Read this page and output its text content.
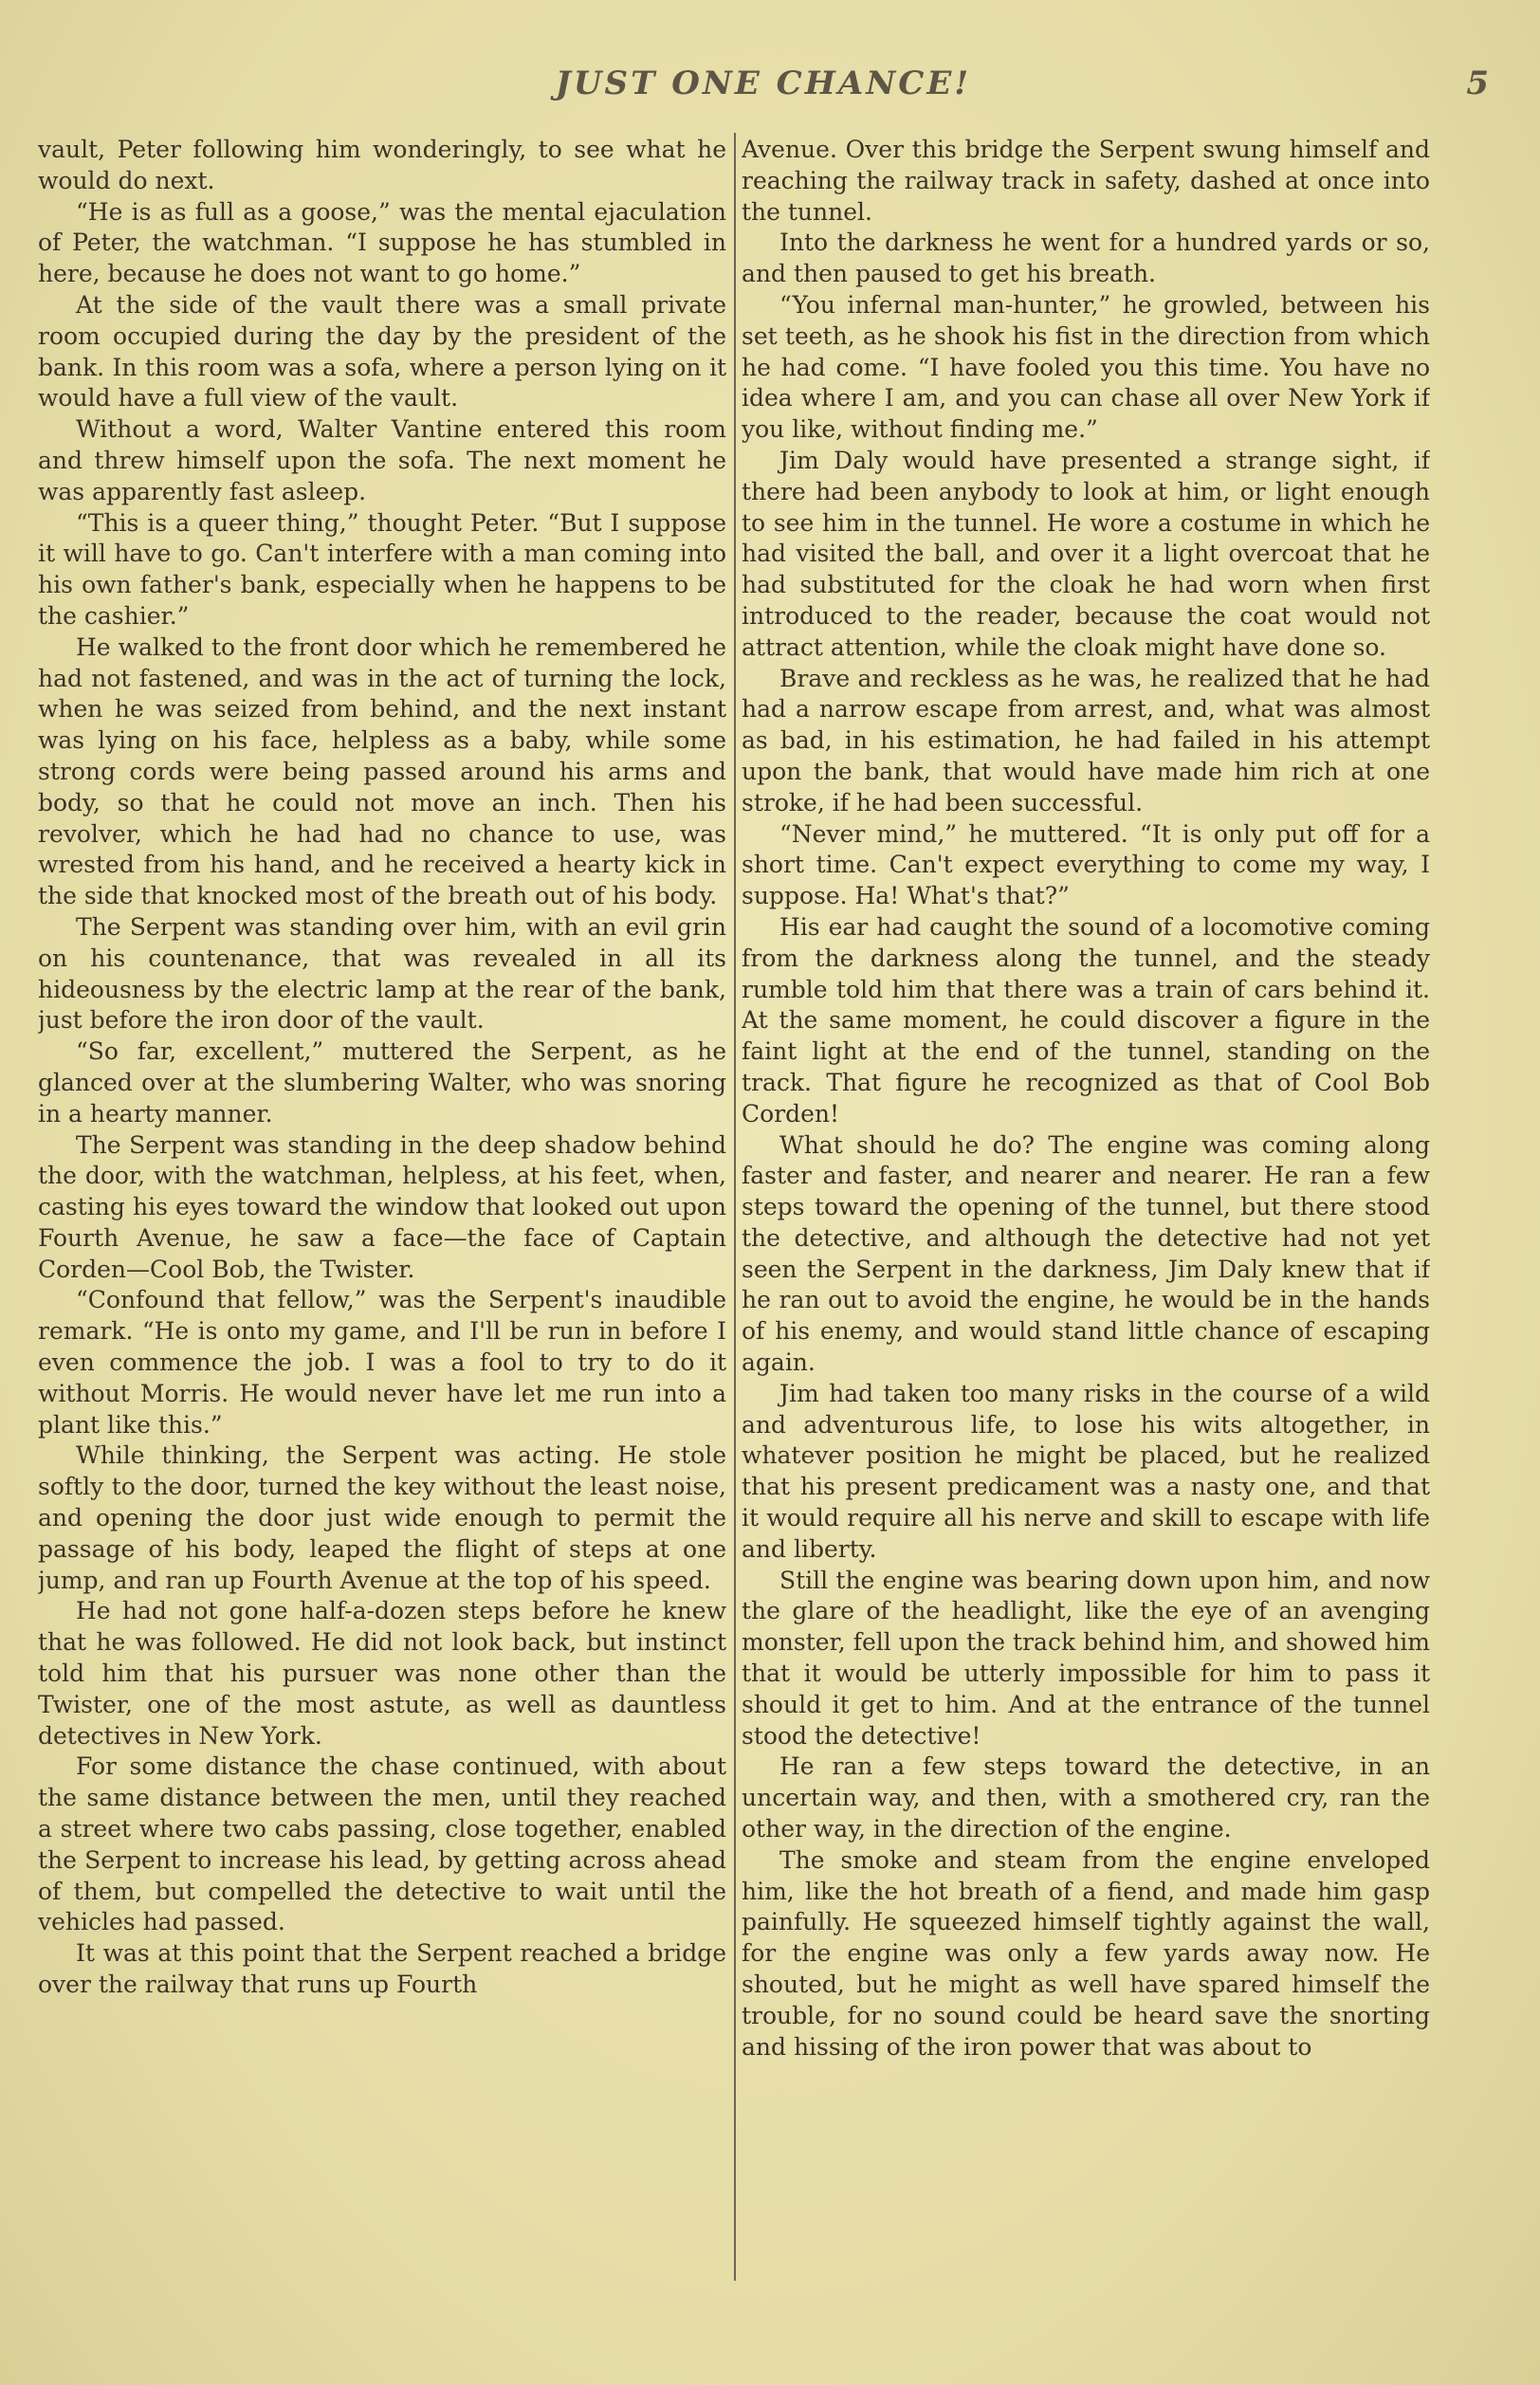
JUST ONE CHANCE!	5

vault, Peter following him wonderingly, to see what he would do next.

“He is as full as a goose,” was the mental ejaculation of Peter, the watchman. “I suppose he has stumbled in here, because he does not want to go home.”

At the side of the vault there was a small private room occupied during the day by the president of the bank. In this room was a sofa, where a person lying on it would have a full view of the vault.

Without a word, Walter Vantine entered this room and threw himself upon the sofa. The next moment he was apparently fast asleep.

“This is a queer thing,” thought Peter. “But I suppose it will have to go. Can't interfere with a man coming into his own father's bank, especially when he happens to be the cashier.”

He walked to the front door which he remembered he had not fastened, and was in the act of turning the lock, when he was seized from behind, and the next instant was lying on his face, helpless as a baby, while some strong cords were being passed around his arms and body, so that he could not move an inch. Then his revolver, which he had had no chance to use, was wrested from his hand, and he received a hearty kick in the side that knocked most of the breath out of his body.

The Serpent was standing over him, with an evil grin on his countenance, that was revealed in all its hideousness by the electric lamp at the rear of the bank, just before the iron door of the vault.

“So far, excellent,” muttered the Serpent, as he glanced over at the slumbering Walter, who was snoring in a hearty manner.

The Serpent was standing in the deep shadow behind the door, with the watchman, helpless, at his feet, when, casting his eyes toward the window that looked out upon Fourth Avenue, he saw a face—the face of Captain Corden—Cool Bob, the Twister.

“Confound that fellow,” was the Serpent's inaudible remark. “He is onto my game, and I'll be run in before I even commence the job. I was a fool to try to do it without Morris. He would never have let me run into a plant like this.”

While thinking, the Serpent was acting. He stole softly to the door, turned the key without the least noise, and opening the door just wide enough to permit the passage of his body, leaped the flight of steps at one jump, and ran up Fourth Avenue at the top of his speed.

He had not gone half-a-dozen steps before he knew that he was followed. He did not look back, but instinct told him that his pursuer was none other than the Twister, one of the most astute, as well as dauntless detectives in New York.

For some distance the chase continued, with about the same distance between the men, until they reached a street where two cabs passing, close together, enabled the Serpent to increase his lead, by getting across ahead of them, but compelled the detective to wait until the vehicles had passed.

It was at this point that the Serpent reached a bridge over the railway that runs up Fourth

Avenue. Over this bridge the Serpent swung himself and reaching the railway track in safety, dashed at once into the tunnel.

Into the darkness he went for a hundred yards or so, and then paused to get his breath.

“You infernal man-hunter,” he growled, between his set teeth, as he shook his fist in the direction from which he had come. “I have fooled you this time. You have no idea where I am, and you can chase all over New York if you like, without finding me.”

Jim Daly would have presented a strange sight, if there had been anybody to look at him, or light enough to see him in the tunnel. He wore a costume in which he had visited the ball, and over it a light overcoat that he had substituted for the cloak he had worn when first introduced to the reader, because the coat would not attract attention, while the cloak might have done so.

Brave and reckless as he was, he realized that he had had a narrow escape from arrest, and, what was almost as bad, in his estimation, he had failed in his attempt upon the bank, that would have made him rich at one stroke, if he had been successful.

“Never mind,” he muttered. “It is only put off for a short time. Can't expect everything to come my way, I suppose. Ha! What's that?”

His ear had caught the sound of a locomotive coming from the darkness along the tunnel, and the steady rumble told him that there was a train of cars behind it. At the same moment, he could discover a figure in the faint light at the end of the tunnel, standing on the track. That figure he recognized as that of Cool Bob Corden!

What should he do? The engine was coming along faster and faster, and nearer and nearer. He ran a few steps toward the opening of the tunnel, but there stood the detective, and although the detective had not yet seen the Serpent in the darkness, Jim Daly knew that if he ran out to avoid the engine, he would be in the hands of his enemy, and would stand little chance of escaping again.

Jim had taken too many risks in the course of a wild and adventurous life, to lose his wits altogether, in whatever position he might be placed, but he realized that his present predicament was a nasty one, and that it would require all his nerve and skill to escape with life and liberty.

Still the engine was bearing down upon him, and now the glare of the headlight, like the eye of an avenging monster, fell upon the track behind him, and showed him that it would be utterly impossible for him to pass it should it get to him. And at the entrance of the tunnel stood the detective!

He ran a few steps toward the detective, in an uncertain way, and then, with a smothered cry, ran the other way, in the direction of the engine.

The smoke and steam from the engine enveloped him, like the hot breath of a fiend, and made him gasp painfully. He squeezed himself tightly against the wall, for the engine was only a few yards away now. He shouted, but he might as well have spared himself the trouble, for no sound could be heard save the snorting and hissing of the iron power that was about to
